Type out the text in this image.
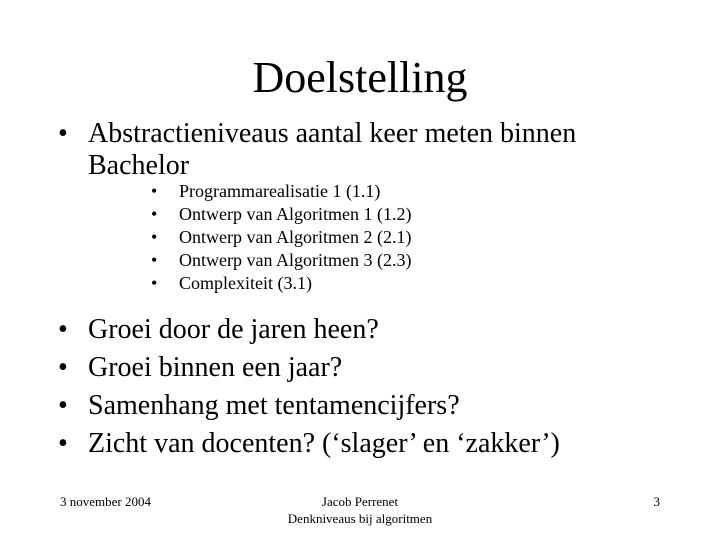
Doelstelling
• Abstractieniveaus aantal keer meten binnen Bachelor
• Programmarealisatie 1 (1.1)
• Ontwerp van Algoritmen 1 (1.2)
• Ontwerp van Algoritmen 2 (2.1)
• Ontwerp van Algoritmen 3 (2.3)
• Complexiteit (3.1)
• Groei door de jaren heen?
• Groei binnen een jaar?
• Samenhang met tentamencijfers?
• Zicht van docenten? (‘slager’ en ‘zakker’)
3 november 2004	Jacob Perrenet
Denkniveaus bij algoritmen
3
